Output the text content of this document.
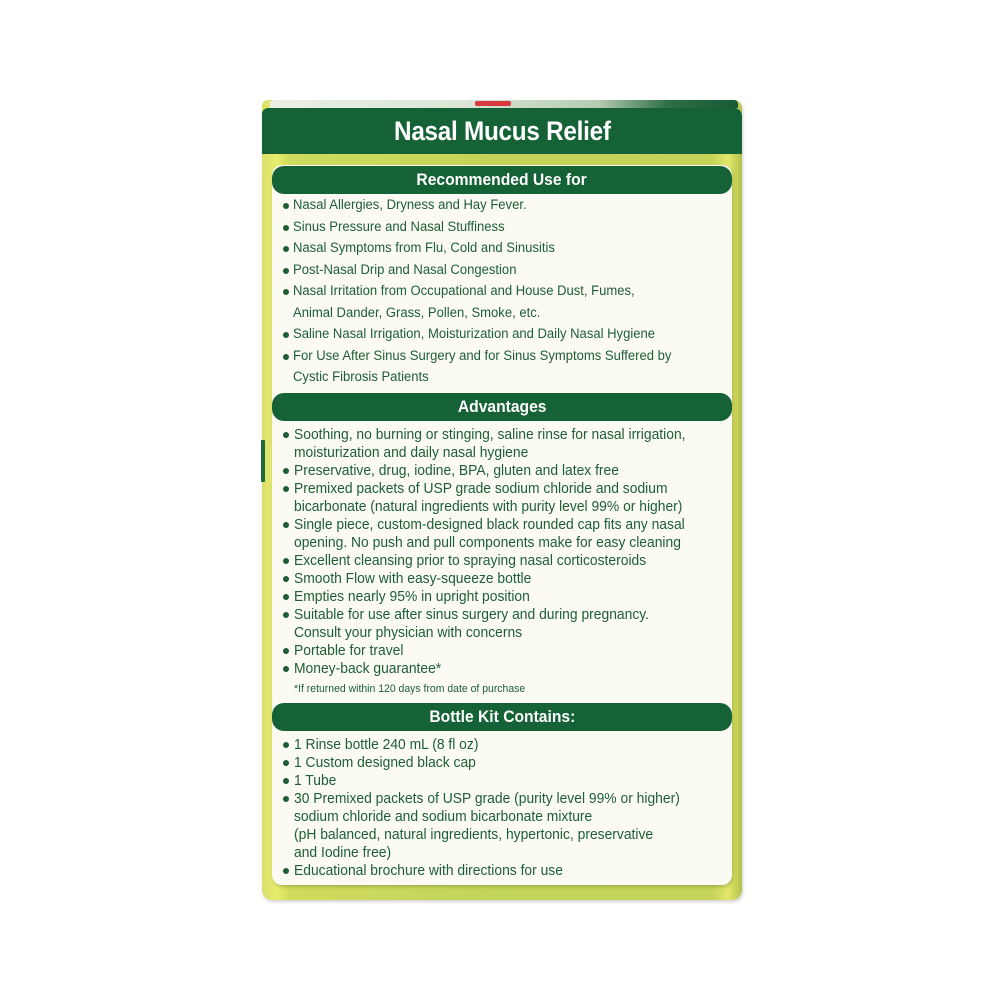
Nasal Mucus Relief
Recommended Use for
Nasal Allergies, Dryness and Hay Fever.
Sinus Pressure and Nasal Stuffiness
Nasal Symptoms from Flu, Cold and Sinusitis
Post-Nasal Drip and Nasal Congestion
Nasal Irritation from Occupational and House Dust, Fumes,
Animal Dander, Grass, Pollen, Smoke, etc.
Saline Nasal Irrigation, Moisturization and Daily Nasal Hygiene
For Use After Sinus Surgery and for Sinus Symptoms Suffered by
Cystic Fibrosis Patients
Advantages
Soothing, no burning or stinging, saline rinse for nasal irrigation,
moisturization and daily nasal hygiene
Preservative, drug, iodine, BPA, gluten and latex free
Premixed packets of USP grade sodium chloride and sodium
bicarbonate (natural ingredients with purity level 99% or higher)
Single piece, custom-designed black rounded cap fits any nasal
opening. No push and pull components make for easy cleaning
Excellent cleansing prior to spraying nasal corticosteroids
Smooth Flow with easy-squeeze bottle
Empties nearly 95% in upright position
Suitable for use after sinus surgery and during pregnancy.
Consult your physician with concerns
Portable for travel
Money-back guarantee*
*If returned within 120 days from date of purchase
Bottle Kit Contains:
1 Rinse bottle 240 mL (8 fl oz)
1 Custom designed black cap
1 Tube
30 Premixed packets of USP grade (purity level 99% or higher)
sodium chloride and sodium bicarbonate mixture
(pH balanced, natural ingredients, hypertonic, preservative
and Iodine free)
Educational brochure with directions for use
